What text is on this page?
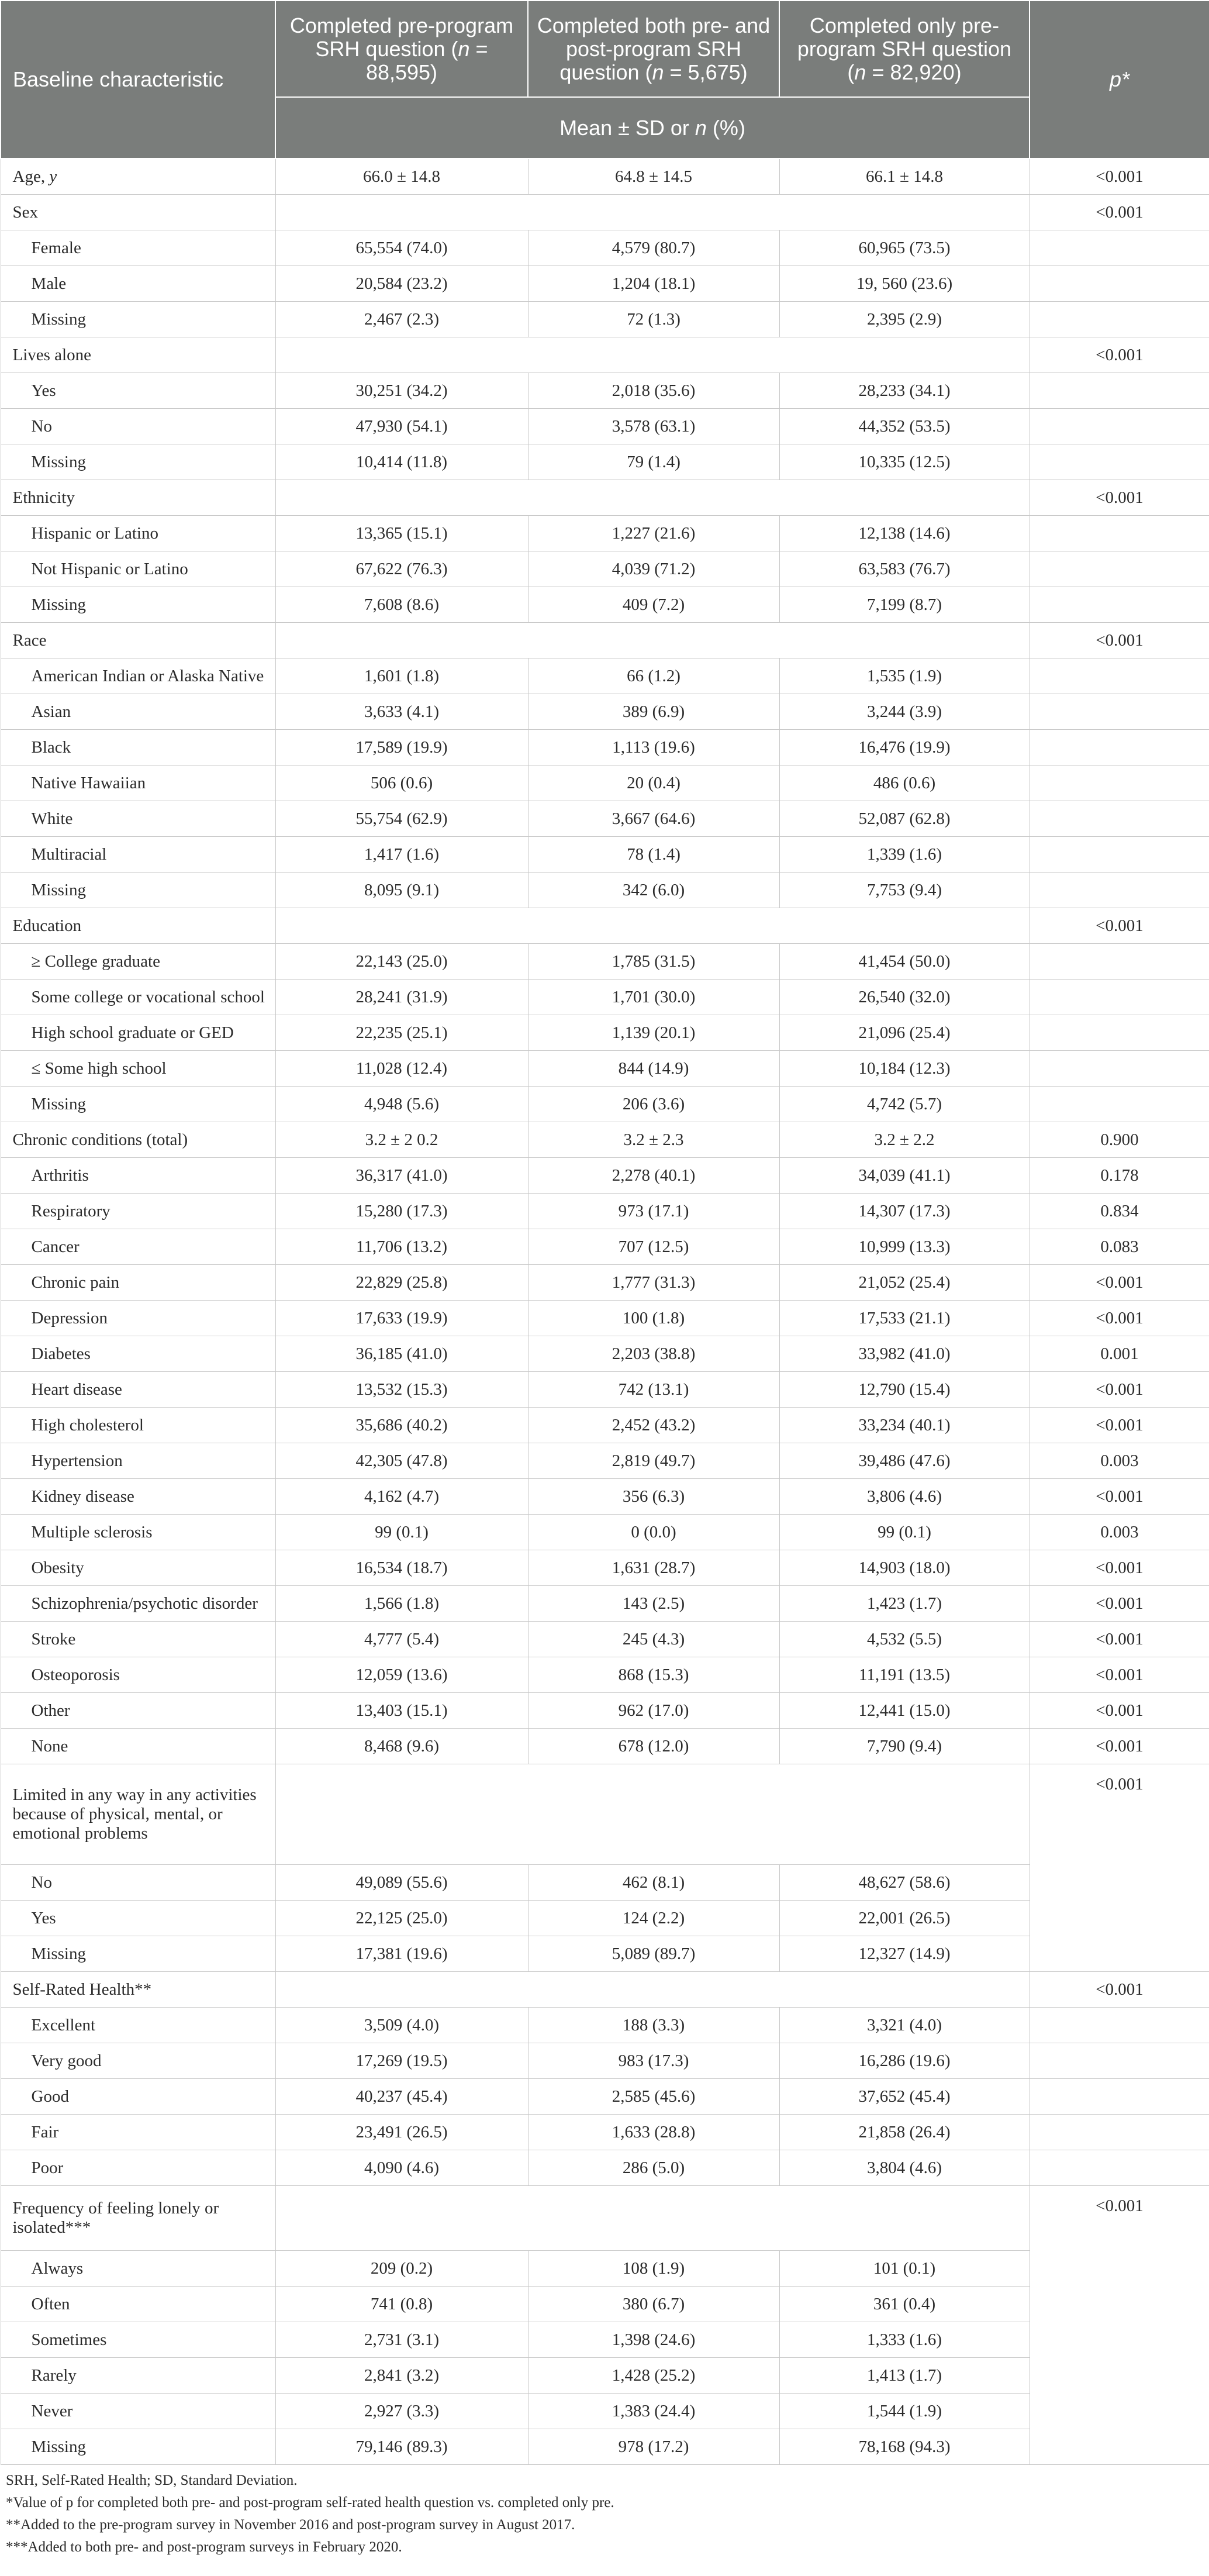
Baseline characteristic	Completed pre-program SRH question (n = 88,595)	Completed both pre- and post-program SRH question (n = 5,675)	Completed only pre-program SRH question (n = 82,920)	p*
	Mean ± SD or n (%)			
Age, y	66.0 ± 14.8	64.8 ± 14.5	66.1 ± 14.8	<0.001
Sex				<0.001
Female	65,554 (74.0)	4,579 (80.7)	60,965 (73.5)	
Male	20,584 (23.2)	1,204 (18.1)	19, 560 (23.6)	
Missing	2,467 (2.3)	72 (1.3)	2,395 (2.9)	
Lives alone				<0.001
Yes	30,251 (34.2)	2,018 (35.6)	28,233 (34.1)	
No	47,930 (54.1)	3,578 (63.1)	44,352 (53.5)	
Missing	10,414 (11.8)	79 (1.4)	10,335 (12.5)	
Ethnicity				<0.001
Hispanic or Latino	13,365 (15.1)	1,227 (21.6)	12,138 (14.6)	
Not Hispanic or Latino	67,622 (76.3)	4,039 (71.2)	63,583 (76.7)	
Missing	7,608 (8.6)	409 (7.2)	7,199 (8.7)	
Race				<0.001
American Indian or Alaska Native	1,601 (1.8)	66 (1.2)	1,535 (1.9)	
Asian	3,633 (4.1)	389 (6.9)	3,244 (3.9)	
Black	17,589 (19.9)	1,113 (19.6)	16,476 (19.9)	
Native Hawaiian	506 (0.6)	20 (0.4)	486 (0.6)	
White	55,754 (62.9)	3,667 (64.6)	52,087 (62.8)	
Multiracial	1,417 (1.6)	78 (1.4)	1,339 (1.6)	
Missing	8,095 (9.1)	342 (6.0)	7,753 (9.4)	
Education				<0.001
≥ College graduate	22,143 (25.0)	1,785 (31.5)	41,454 (50.0)	
Some college or vocational school	28,241 (31.9)	1,701 (30.0)	26,540 (32.0)	
High school graduate or GED	22,235 (25.1)	1,139 (20.1)	21,096 (25.4)	
≤ Some high school	11,028 (12.4)	844 (14.9)	10,184 (12.3)	
Missing	4,948 (5.6)	206 (3.6)	4,742 (5.7)	
Chronic conditions (total)	3.2 ± 2 0.2	3.2 ± 2.3	3.2 ± 2.2	0.900
Arthritis	36,317 (41.0)	2,278 (40.1)	34,039 (41.1)	0.178
Respiratory	15,280 (17.3)	973 (17.1)	14,307 (17.3)	0.834
Cancer	11,706 (13.2)	707 (12.5)	10,999 (13.3)	0.083
Chronic pain	22,829 (25.8)	1,777 (31.3)	21,052 (25.4)	<0.001
Depression	17,633 (19.9)	100 (1.8)	17,533 (21.1)	<0.001
Diabetes	36,185 (41.0)	2,203 (38.8)	33,982 (41.0)	0.001
Heart disease	13,532 (15.3)	742 (13.1)	12,790 (15.4)	<0.001
High cholesterol	35,686 (40.2)	2,452 (43.2)	33,234 (40.1)	<0.001
Hypertension	42,305 (47.8)	2,819 (49.7)	39,486 (47.6)	0.003
Kidney disease	4,162 (4.7)	356 (6.3)	3,806 (4.6)	<0.001
Multiple sclerosis	99 (0.1)	0 (0.0)	99 (0.1)	0.003
Obesity	16,534 (18.7)	1,631 (28.7)	14,903 (18.0)	<0.001
Schizophrenia/psychotic disorder	1,566 (1.8)	143 (2.5)	1,423 (1.7)	<0.001
Stroke	4,777 (5.4)	245 (4.3)	4,532 (5.5)	<0.001
Osteoporosis	12,059 (13.6)	868 (15.3)	11,191 (13.5)	<0.001
Other	13,403 (15.1)	962 (17.0)	12,441 (15.0)	<0.001
None	8,468 (9.6)	678 (12.0)	7,790 (9.4)	<0.001

Limited in any way in any activities
because of physical, mental, or
emotional problems				<0.001
No	49,089 (55.6)	462 (8.1)	48,627 (58.6)	
Yes	22,125 (25.0)	124 (2.2)	22,001 (26.5)	
Missing	17,381 (19.6)	5,089 (89.7)	12,327 (14.9)	
Self-Rated Health**				<0.001
Excellent	3,509 (4.0)	188 (3.3)	3,321 (4.0)	
Very good	17,269 (19.5)	983 (17.3)	16,286 (19.6)	
Good	40,237 (45.4)	2,585 (45.6)	37,652 (45.4)	
Fair	23,491 (26.5)	1,633 (28.8)	21,858 (26.4)	
Poor	4,090 (4.6)	286 (5.0)	3,804 (4.6)	

Frequency of feeling lonely or
isolated***				<0.001
Always	209 (0.2)	108 (1.9)	101 (0.1)	
Often	741 (0.8)	380 (6.7)	361 (0.4)	
Sometimes	2,731 (3.1)	1,398 (24.6)	1,333 (1.6)	
Rarely	2,841 (3.2)	1,428 (25.2)	1,413 (1.7)	
Never	2,927 (3.3)	1,383 (24.4)	1,544 (1.9)	
Missing	79,146 (89.3)	978 (17.2)	78,168 (94.3)	
SRH, Self-Rated Health; SD, Standard Deviation.
*Value of p for completed both pre- and post-program self-rated health question vs. completed only pre.
**Added to the pre-program survey in November 2016 and post-program survey in August 2017.
***Added to both pre- and post-program surveys in February 2020.
